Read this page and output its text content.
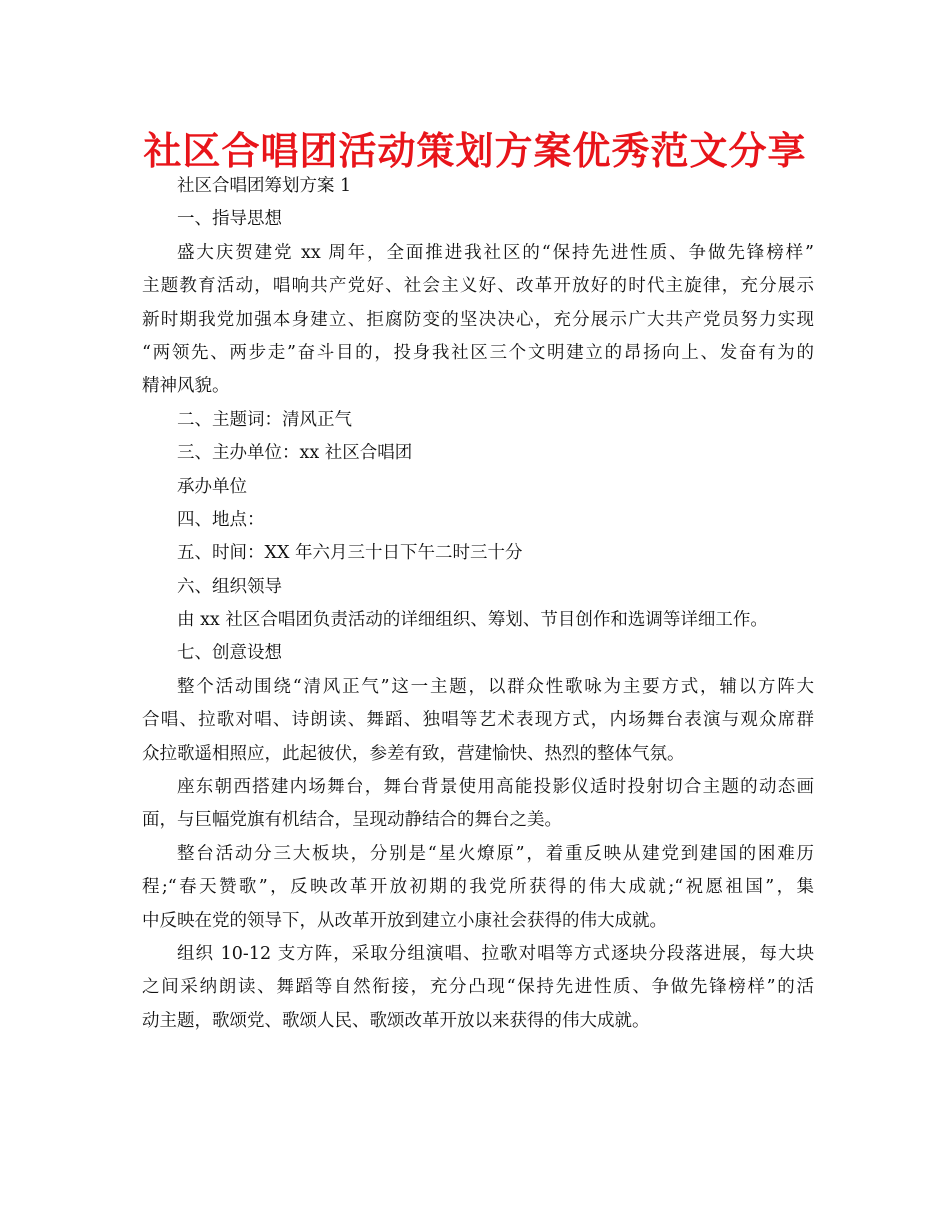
社区合唱团活动策划方案优秀范文分享
社区合唱团筹划方案 1
一、指导思想
盛大庆贺建党 xx 周年，全面推进我社区的“保持先进性质、争做先锋榜样”
主题教育活动，唱响共产党好、社会主义好、改革开放好的时代主旋律，充分展示
新时期我党加强本身建立、拒腐防变的坚决决心，充分展示广大共产党员努力实现
“两领先、两步走”奋斗目的，投身我社区三个文明建立的昂扬向上、发奋有为的
精神风貌。
二、主题词：清风正气
三、主办单位：xx 社区合唱团
承办单位
四、地点：
五、时间：XX 年六月三十日下午二时三十分
六、组织领导
由 xx 社区合唱团负责活动的详细组织、筹划、节目创作和选调等详细工作。
七、创意设想
整个活动围绕“清风正气”这一主题，以群众性歌咏为主要方式，辅以方阵大
合唱、拉歌对唱、诗朗读、舞蹈、独唱等艺术表现方式，内场舞台表演与观众席群
众拉歌遥相照应，此起彼伏，参差有致，营建愉快、热烈的整体气氛。
座东朝西搭建内场舞台，舞台背景使用高能投影仪适时投射切合主题的动态画
面，与巨幅党旗有机结合，呈现动静结合的舞台之美。
整台活动分三大板块，分别是“星火燎原”，着重反映从建党到建国的困难历
程;“春天赞歌”，反映改革开放初期的我党所获得的伟大成就;“祝愿祖国”，集
中反映在党的领导下，从改革开放到建立小康社会获得的伟大成就。
组织 10-12 支方阵，采取分组演唱、拉歌对唱等方式逐块分段落进展，每大块
之间采纳朗读、舞蹈等自然衔接，充分凸现“保持先进性质、争做先锋榜样”的活
动主题，歌颂党、歌颂人民、歌颂改革开放以来获得的伟大成就。
